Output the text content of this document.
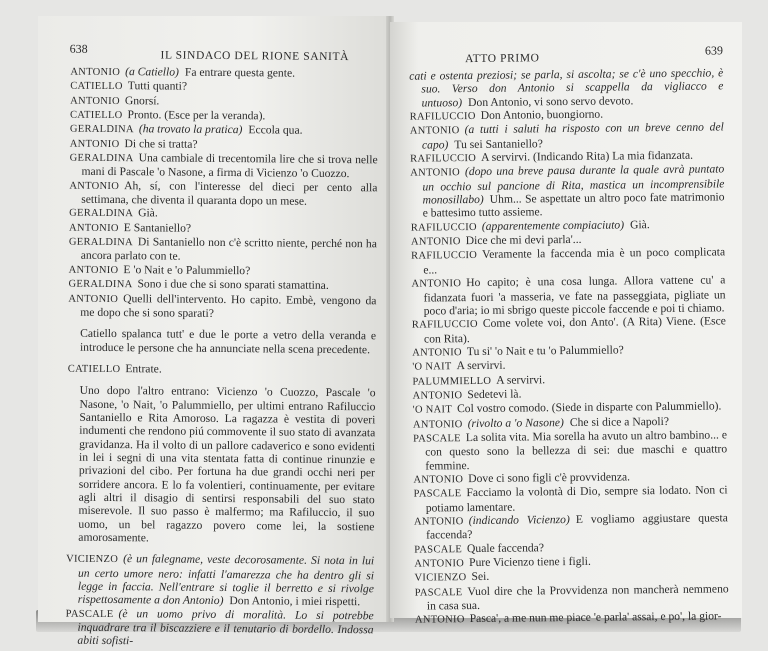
638
IL SINDACO DEL RIONE SANITÀ

ANTONIO (a Catiello) Fa entrare questa gente.

CATIELLO Tutti quanti?

ANTONIO Gnorsí.

CATIELLO Pronto. (Esce per la veranda).

GERALDINA (ha trovato la pratica) Eccola qua.

ANTONIO Di che si tratta?

GERALDINA Una cambiale di trecentomila lire che si trova nelle mani di Pascale 'o Nasone, a firma di Vicienzo 'o Cuozzo.

ANTONIO Ah, sí, con l'interesse del dieci per cento alla settimana, che diventa il quaranta dopo un mese.

GERALDINA Già.

ANTONIO E Santaniello?

GERALDINA Di Santaniello non c'è scritto niente, perché non ha ancora parlato con te.

ANTONIO E 'o Nait e 'o Palummiello?

GERALDINA Sono i due che si sono sparati stamattina.

ANTONIO Quelli dell'intervento. Ho capito. Embè, vengono da me dopo che si sono sparati?

Catiello spalanca tutt' e due le porte a vetro della veranda e introduce le persone che ha annunciate nella scena precedente.

CATIELLO Entrate.

Uno dopo l'altro entrano: Vicienzo 'o Cuozzo, Pascale 'o Nasone, 'o Nait, 'o Palummiello, per ultimi entrano Rafiluccio Santaniello e Rita Amoroso. La ragazza è vestita di poveri indumenti che rendono piú commovente il suo stato di avanzata gravidanza. Ha il volto di un pallore cadaverico e sono evidenti in lei i segni di una vita stentata fatta di continue rinunzie e privazioni del cibo. Per fortuna ha due grandi occhi neri per sorridere ancora. E lo fa volentieri, continuamente, per evitare agli altri il disagio di sentirsi responsabili del suo stato miserevole. Il suo passo è malfermo; ma Rafiluccio, il suo uomo, un bel ragazzo povero come lei, la sostiene amorosamente.

VICIENZO (è un falegname, veste decorosamente. Si nota in lui un certo umore nero: infatti l'amarezza che ha dentro gli si legge in faccia. Nell'entrare si toglie il berretto e si rivolge rispettosamente a don Antonio) Don Antonio, i miei rispetti.

PASCALE (è un uomo privo di moralità. Lo si potrebbe inquadrare tra il biscazziere e il tenutario di bordello. Indossa abiti sofisti-

ATTO PRIMO
639

cati e ostenta preziosi; se parla, si ascolta; se c'è uno specchio, è suo. Verso don Antonio si scappella da vigliacco e untuoso) Don Antonio, vi sono servo devoto.

RAFILUCCIO Don Antonio, buongiorno.

ANTONIO (a tutti i saluti ha risposto con un breve cenno del capo) Tu sei Santaniello?

RAFILUCCIO A servirvi. (Indicando Rita) La mia fidanzata.

ANTONIO (dopo una breve pausa durante la quale avrà puntato un occhio sul pancione di Rita, mastica un incomprensibile monosillabo) Uhm... Se aspettate un altro poco fate matrimonio e battesimo tutto assieme.

RAFILUCCIO (apparentemente compiaciuto) Già.

ANTONIO Dice che mi devi parla'...

RAFILUCCIO Veramente la faccenda mia è un poco complicata e...

ANTONIO Ho capito; è una cosa lunga. Allora vattene cu' a fidanzata fuori 'a masseria, ve fate na passeggiata, pigliate un poco d'aria; io mi sbrigo queste piccole faccende e poi ti chiamo.

RAFILUCCIO Come volete voi, don Anto'. (A Rita) Viene. (Esce con Rita).

ANTONIO Tu si' 'o Nait e tu 'o Palummiello?

'O NAIT A servirvi.

PALUMMIELLO A servirvi.

ANTONIO Sedetevi là.

'O NAIT Col vostro comodo. (Siede in disparte con Palummiello).

ANTONIO (rivolto a 'o Nasone) Che si dice a Napoli?

PASCALE La solita vita. Mia sorella ha avuto un altro bambino... e con questo sono la bellezza di sei: due maschi e quattro femmine.

ANTONIO Dove ci sono figli c'è provvidenza.

PASCALE Facciamo la volontà di Dio, sempre sia lodato. Non ci potiamo lamentare.

ANTONIO (indicando Vicienzo) E vogliamo aggiustare questa faccenda?

PASCALE Quale faccenda?

ANTONIO Pure Vicienzo tiene i figli.

VICIENZO Sei.

PASCALE Vuol dire che la Provvidenza non mancherà nemmeno in casa sua.

ANTONIO Pasca', a me nun me piace 'e parla' assai, e po', la gior-
